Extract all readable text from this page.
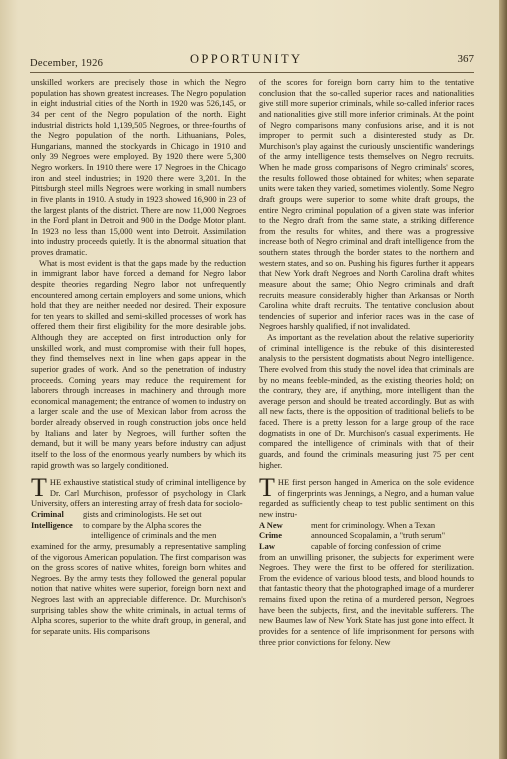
December, 1926	OPPORTUNITY	367

unskilled workers are precisely those in which the Negro population has shown greatest increases. The Negro population in eight industrial cities of the North in 1920 was 526,145, or 34 per cent of the Negro population of the north. Eight industrial districts hold 1,139,505 Negroes, or three-fourths of the Negro population of the north. Lithuanians, Poles, Hungarians, manned the stockyards in Chicago in 1910 and only 39 Negroes were employed. By 1920 there were 5,300 Negro workers. In 1910 there were 17 Negroes in the Chicago iron and steel industries; in 1920 there were 3,201. In the Pittsburgh steel mills Negroes were working in small numbers in five plants in 1910. A study in 1923 showed 16,900 in 23 of the largest plants of the district. There are now 11,000 Negroes in the Ford plant in Detroit and 900 in the Dodge Motor plant. In 1923 no less than 15,000 went into Detroit. Assimilation into industry proceeds quietly. It is the abnormal situation that proves dramatic.

What is most evident is that the gaps made by the reduction in immigrant labor have forced a demand for Negro labor despite theories regarding Negro labor not unfrequently encountered among certain employers and some unions, which hold that they are neither needed nor desired. Their exposure for ten years to skilled and semi-skilled processes of work has offered them their first eligibility for the more desirable jobs. Although they are accepted on first introduction only for unskilled work, and must compromise with their full hopes, they find themselves next in line when gaps appear in the superior grades of work. And so the penetration of industry proceeds. Coming years may reduce the requirement for laborers through increases in machinery and through more economical management; the entrance of women to industry on a larger scale and the use of Mexican labor from across the border already observed in rough construction jobs once held by Italians and later by Negroes, will further soften the demand, but it will be many years before industry can adjust itself to the loss of the enormous yearly numbers by which its rapid growth was so largely conditioned.

THE exhaustive statistical study of criminal intelligence by Dr. Carl Murchison, professor of psychology in Clark University, offers an interesting array of fresh data for sociolo-

Criminal	gists and criminologists. He set out
Intelligence	to compare by the Alpha scores the

intelligence of criminals and the men

examined for the army, presumably a representative sampling of the vigorous American population. The first comparison was on the gross scores of native whites, foreign born whites and Negroes. By the army tests they followed the general popular notion that native whites were superior, foreign born next and Negroes last with an appreciable difference. Dr. Murchison's surprising tables show the white criminals, in actual terms of Alpha scores, superior to the white draft group, in general, and for separate units. His comparisons

of the scores for foreign born carry him to the tentative conclusion that the so-called superior races and nationalities give still more superior criminals, while so-called inferior races and nationalities give still more inferior criminals. At the point of Negro comparisons many confusions arise, and it is not improper to permit such a disinterested study as Dr. Murchison's play against the curiously unscientific wanderings of the army intelligence tests themselves on Negro recruits. When he made gross comparisons of Negro criminals' scores, the results followed those obtained for whites; when separate units were taken they varied, sometimes violently. Some Negro draft groups were superior to some white draft groups, the entire Negro criminal population of a given state was inferior to the Negro draft from the same state, a striking difference from the results for whites, and there was a progressive increase both of Negro criminal and draft intelligence from the southern states through the border states to the northern and western states, and so on. Pushing his figures further it appears that New York draft Negroes and North Carolina draft whites measure about the same; Ohio Negro criminals and draft recruits measure considerably higher than Arkansas or North Carolina white draft recruits. The tentative conclusion about tendencies of superior and inferior races was in the case of Negroes harshly qualified, if not invalidated.

As important as the revelation about the relative superiority of criminal intelligence is the rebuke of this disinterested analysis to the persistent dogmatists about Negro intelligence. There evolved from this study the novel idea that criminals are by no means feeble-minded, as the existing theories hold; on the contrary, they are, if anything, more intelligent than the average person and should be treated accordingly. But as with all new facts, there is the opposition of traditional beliefs to be faced. There is a pretty lesson for a large group of the race dogmatists in one of Dr. Murchison's casual experiments. He compared the intelligence of criminals with that of their guards, and found the criminals measuring just 75 per cent higher.

THE first person hanged in America on the sole evidence of fingerprints was Jennings, a Negro, and a human value regarded as sufficiently cheap to test public sentiment on this new instru-

A New	ment for criminology. When a Texan
Crime	announced Scopalamin, a "truth serum"
Law	capable of forcing confession of crime

from an unwilling prisoner, the subjects for experiment were Negroes. They were the first to be offered for sterilization. From the evidence of various blood tests, and blood hounds to that fantastic theory that the photographed image of a murderer remains fixed upon the retina of a murdered person, Negroes have been the subjects, first, and the inevitable sufferers. The new Baumes law of New York State has just gone into effect. It provides for a sentence of life imprisonment for persons with three prior convictions for felony. New
